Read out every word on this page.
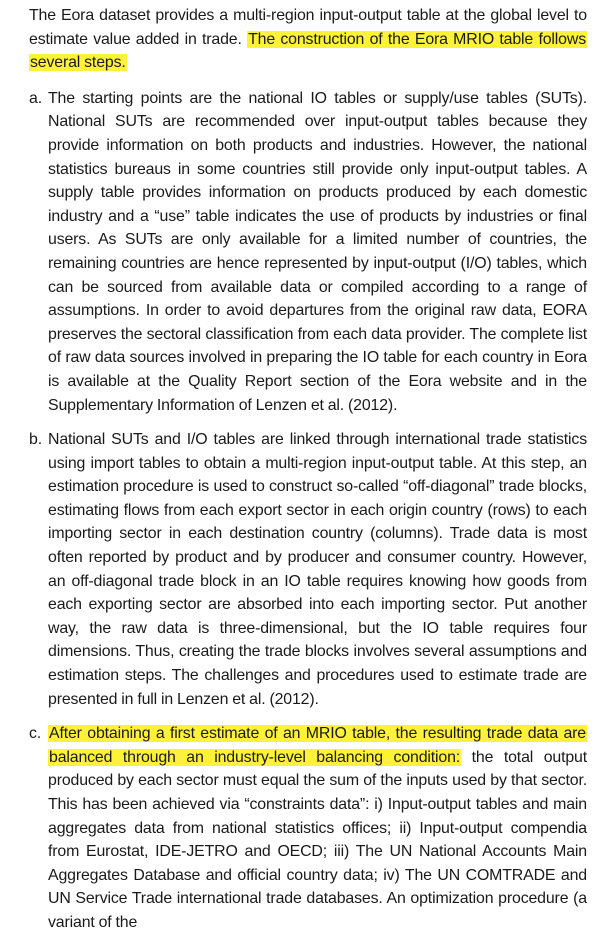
The Eora dataset provides a multi-region input-output table at the global level to estimate value added in trade. The construction of the Eora MRIO table follows several steps.

a. The starting points are the national IO tables or supply/use tables (SUTs). National SUTs are recommended over input-output tables because they provide information on both products and industries. However, the national statistics bureaus in some countries still provide only input-output tables. A supply table provides information on products produced by each domestic industry and a “use” table indicates the use of products by industries or final users. As SUTs are only available for a limited number of countries, the remaining countries are hence represented by input-output (I/O) tables, which can be sourced from available data or compiled according to a range of assumptions. In order to avoid departures from the original raw data, EORA preserves the sectoral classification from each data provider. The complete list of raw data sources involved in preparing the IO table for each country in Eora is available at the Quality Report section of the Eora website and in the Supplementary Information of Lenzen et al. (2012).
b. National SUTs and I/O tables are linked through international trade statistics using import tables to obtain a multi-region input-output table. At this step, an estimation procedure is used to construct so-called “off-diagonal” trade blocks, estimating flows from each export sector in each origin country (rows) to each importing sector in each destination country (columns). Trade data is most often reported by product and by producer and consumer country. However, an off-diagonal trade block in an IO table requires knowing how goods from each exporting sector are absorbed into each importing sector. Put another way, the raw data is three-dimensional, but the IO table requires four dimensions. Thus, creating the trade blocks involves several assumptions and estimation steps. The challenges and procedures used to estimate trade are presented in full in Lenzen et al. (2012).
c. After obtaining a first estimate of an MRIO table, the resulting trade data are balanced through an industry-level balancing condition: the total output produced by each sector must equal the sum of the inputs used by that sector. This has been achieved via “constraints data”: i) Input-output tables and main aggregates data from national statistics offices; ii) Input-output compendia from Eurostat, IDE-JETRO and OECD; iii) The UN National Accounts Main Aggregates Database and official country data; iv) The UN COMTRADE and UN Service Trade international trade databases. An optimization procedure (a variant of the
